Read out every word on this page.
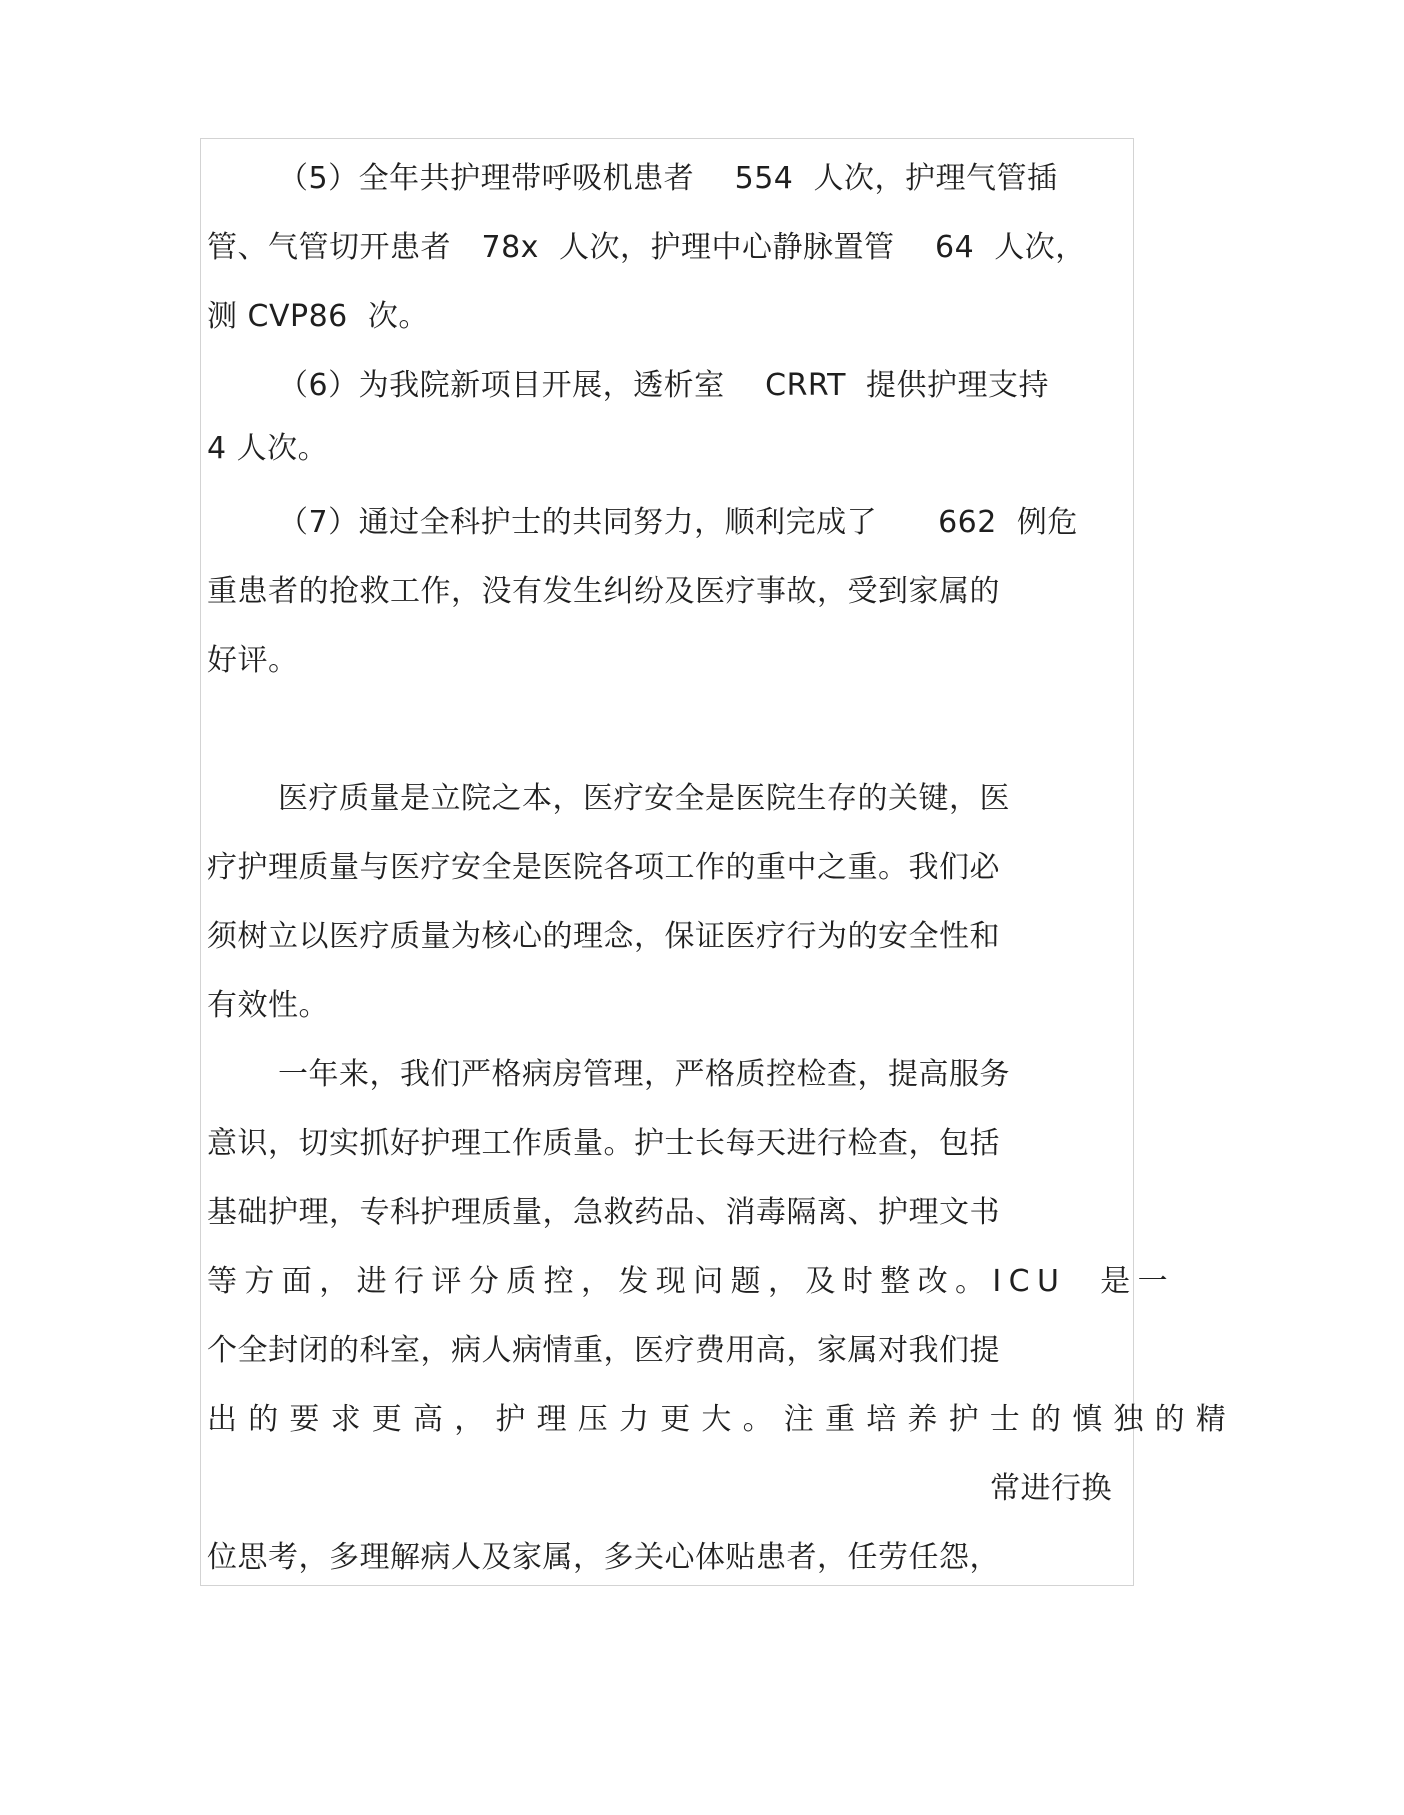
（5）全年共护理带呼吸机患者　 554  人次，护理气管插
管、气管切开患者　78x  人次，护理中心静脉置管　 64  人次，
测 CVP86  次。
（6）为我院新项目开展，透析室　 CRRT  提供护理支持
4 人次。
（7）通过全科护士的共同努力，顺利完成了　　662  例危
重患者的抢救工作，没有发生纠纷及医疗事故，受到家属的
好评。
医疗质量是立院之本，医疗安全是医院生存的关键，医
疗护理质量与医疗安全是医院各项工作的重中之重。我们必
须树立以医疗质量为核心的理念，保证医疗行为的安全性和
有效性。
一年来，我们严格病房管理，严格质控检查，提高服务
意识，切实抓好护理工作质量。护士长每天进行检查，包括
基础护理，专科护理质量，急救药品、消毒隔离、护理文书
等方面，进行评分质控，发现问题，及时整改。ICU  是一
个全封闭的科室，病人病情重，医疗费用高，家属对我们提
出的要求更高，护理压力更大。注重培养护士的慎独的精
常进行换
位思考，多理解病人及家属，多关心体贴患者，任劳任怨，
